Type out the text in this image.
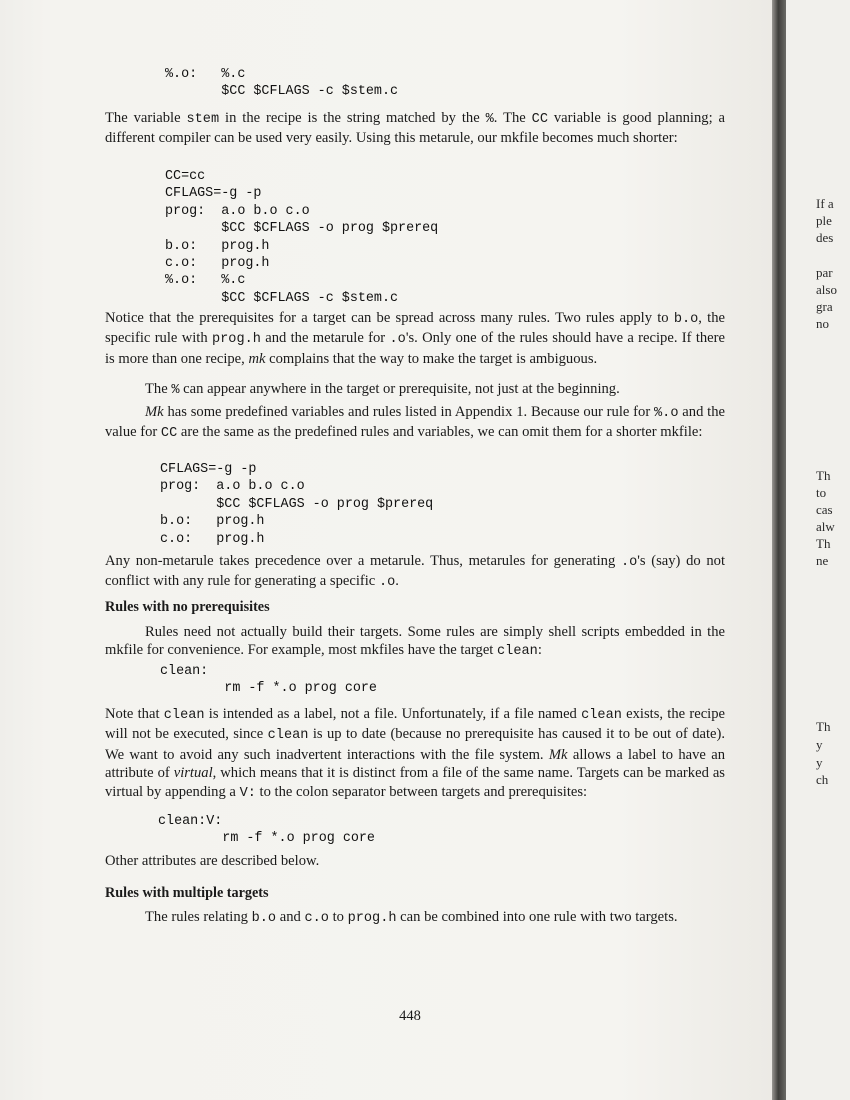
%.o:   %.c
$CC $CFLAGS -c $stem.c

The variable stem in the recipe is the string matched by the %. The CC variable is good planning; a different compiler can be used very easily. Using this metarule, our mkfile becomes much shorter:

CC=cc
CFLAGS=-g -p
prog:  a.o b.o c.o
$CC $CFLAGS -o prog $prereq
b.o:   prog.h
c.o:   prog.h
%.o:   %.c
$CC $CFLAGS -c $stem.c

Notice that the prerequisites for a target can be spread across many rules. Two rules apply to b.o, the specific rule with prog.h and the metarule for .o's. Only one of the rules should have a recipe. If there is more than one recipe, mk complains that the way to make the target is ambiguous.

The % can appear anywhere in the target or prerequisite, not just at the beginning.

Mk has some predefined variables and rules listed in Appendix 1. Because our rule for %.o and the value for CC are the same as the predefined rules and variables, we can omit them for a shorter mkfile:

CFLAGS=-g -p
prog:  a.o b.o c.o
$CC $CFLAGS -o prog $prereq
b.o:   prog.h
c.o:   prog.h

Any non-metarule takes precedence over a metarule. Thus, metarules for generating .o's (say) do not conflict with any rule for generating a specific .o.

Rules with no prerequisites

Rules need not actually build their targets. Some rules are simply shell scripts embedded in the mkfile for convenience. For example, most mkfiles have the target clean:

clean:
rm -f *.o prog core

Note that clean is intended as a label, not a file. Unfortunately, if a file named clean exists, the recipe will not be executed, since clean is up to date (because no prerequisite has caused it to be out of date). We want to avoid any such inadvertent interactions with the file system. Mk allows a label to have an attribute of virtual, which means that it is distinct from a file of the same name. Targets can be marked as virtual by appending a V: to the colon separator between targets and prerequisites:

clean:V:
rm -f *.o prog core

Other attributes are described below.

Rules with multiple targets

The rules relating b.o and c.o to prog.h can be combined into one rule with two targets.

448

If a
ple
des
par
also
gra
no
Th
to
cas
alw
Th
ne
Th
y
y
ch
